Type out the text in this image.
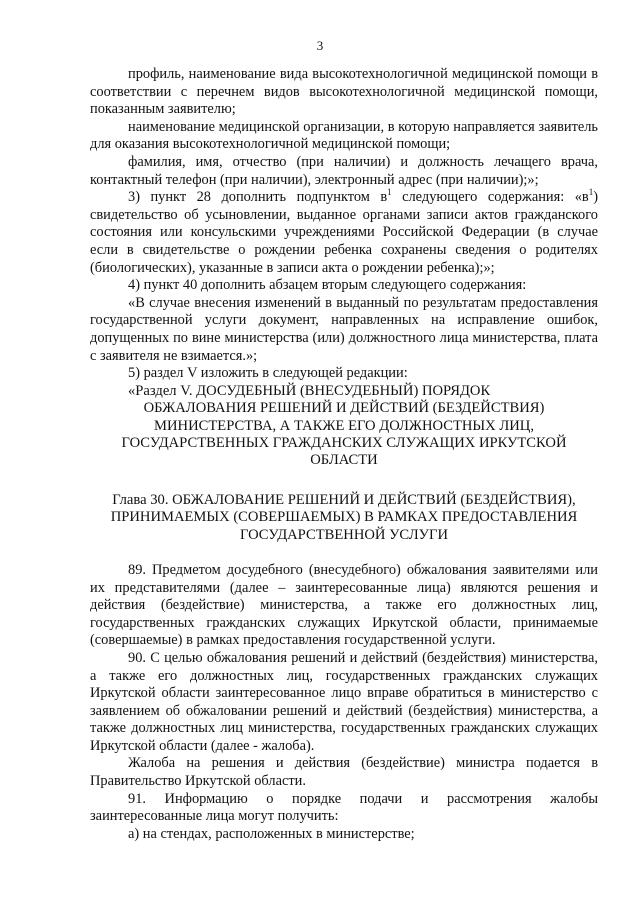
3

профиль, наименование вида высокотехнологичной медицинской помощи в соответствии с перечнем видов высокотехнологичной медицинской помощи, показанным заявителю;

наименование медицинской организации, в которую направляется заявитель для оказания высокотехнологичной медицинской помощи;

фамилия, имя, отчество (при наличии) и должность лечащего врача, контактный телефон (при наличии), электронный адрес (при наличии);»;

3) пункт 28 дополнить подпунктом $в^1$ следующего содержания: «$в^1$) свидетельство об усыновлении, выданное органами записи актов гражданского состояния или консульскими учреждениями Российской Федерации (в случае если в свидетельстве о рождении ребенка сохранены сведения о родителях (биологических), указанные в записи акта о рождении ребенка);»;

4) пункт 40 дополнить абзацем вторым следующего содержания:

«В случае внесения изменений в выданный по результатам предоставления государственной услуги документ, направленных на исправление ошибок, допущенных по вине министерства (или) должностного лица министерства, плата с заявителя не взимается.»;

5) раздел V изложить в следующей редакции:

«Раздел V. ДОСУДЕБНЫЙ (ВНЕСУДЕБНЫЙ) ПОРЯДОК
ОБЖАЛОВАНИЯ РЕШЕНИЙ И ДЕЙСТВИЙ (БЕЗДЕЙСТВИЯ) МИНИСТЕРСТВА, А ТАКЖЕ ЕГО ДОЛЖНОСТНЫХ ЛИЦ, ГОСУДАРСТВЕННЫХ ГРАЖДАНСКИХ СЛУЖАЩИХ ИРКУТСКОЙ ОБЛАСТИ
Глава 30. ОБЖАЛОВАНИЕ РЕШЕНИЙ И ДЕЙСТВИЙ (БЕЗДЕЙСТВИЯ), ПРИНИМАЕМЫХ (СОВЕРШАЕМЫХ) В РАМКАХ ПРЕДОСТАВЛЕНИЯ ГОСУДАРСТВЕННОЙ УСЛУГИ

89. Предметом досудебного (внесудебного) обжалования заявителями или их представителями (далее – заинтересованные лица) являются решения и действия (бездействие) министерства, а также его должностных лиц, государственных гражданских служащих Иркутской области, принимаемые (совершаемые) в рамках предоставления государственной услуги.

90. С целью обжалования решений и действий (бездействия) министерства, а также его должностных лиц, государственных гражданских служащих Иркутской области заинтересованное лицо вправе обратиться в министерство с заявлением об обжаловании решений и действий (бездействия) министерства, а также должностных лиц министерства, государственных гражданских служащих Иркутской области (далее - жалоба).

Жалоба на решения и действия (бездействие) министра подается в Правительство Иркутской области.

91. Информацию о порядке подачи и рассмотрения жалобы заинтересованные лица могут получить:

а) на стендах, расположенных в министерстве;
